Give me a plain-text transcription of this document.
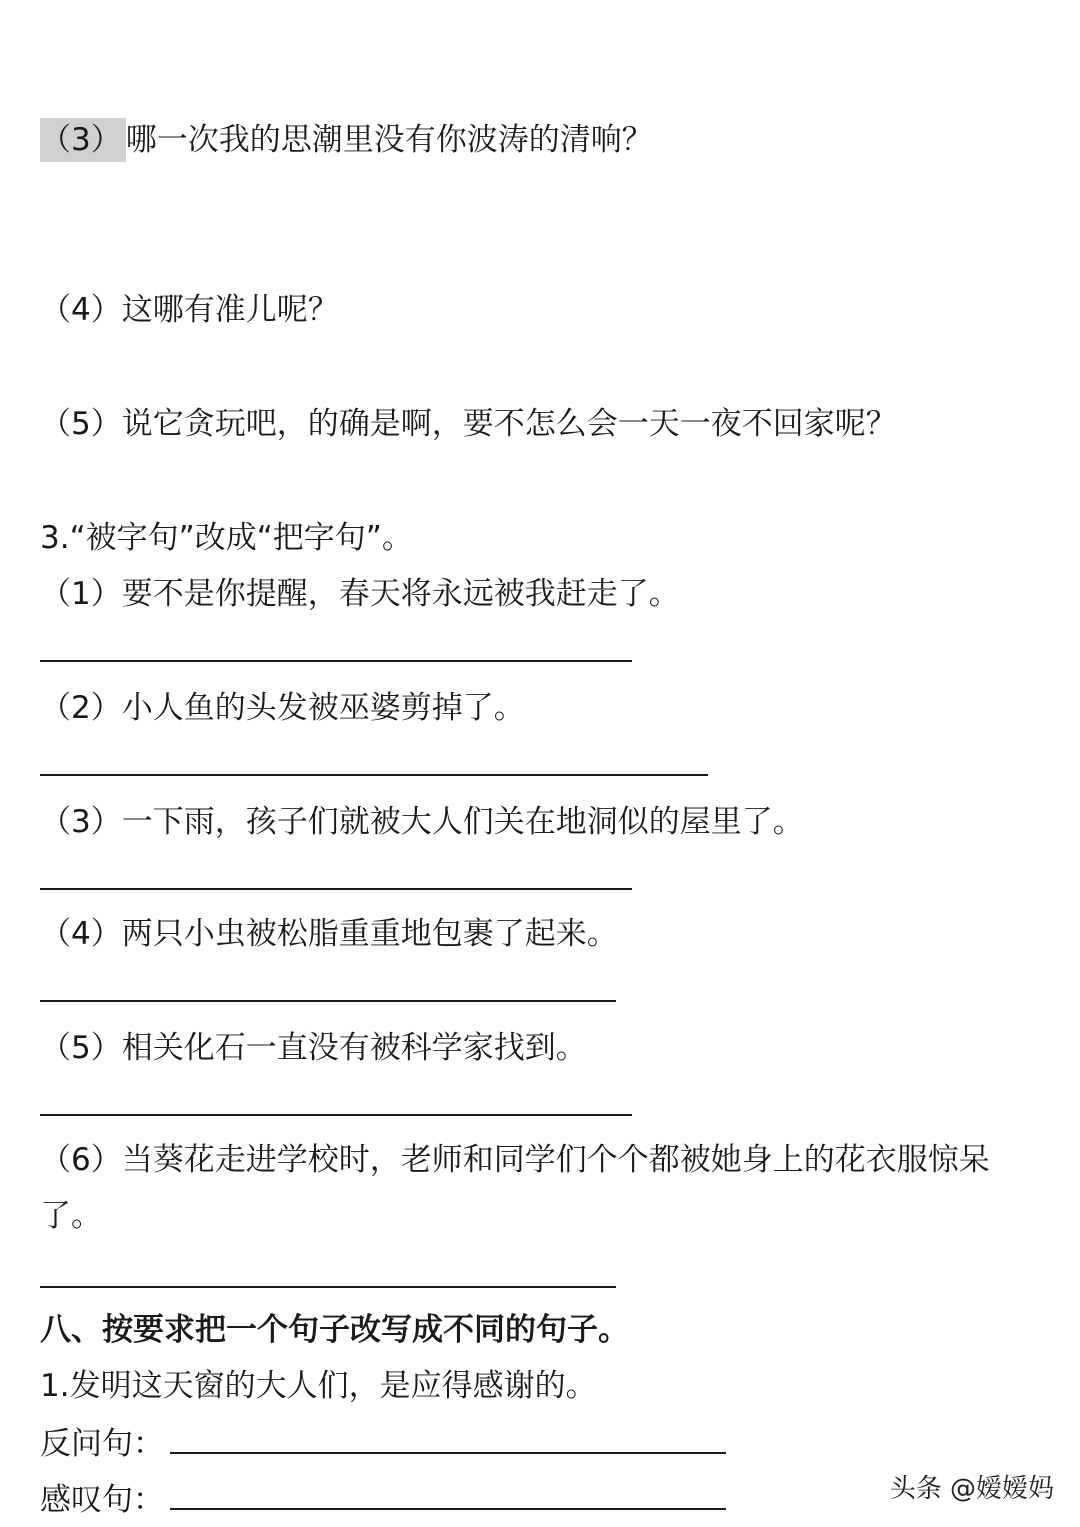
（3） 哪一次我的思潮里没有你波涛的清响？
（4）这哪有准儿呢？
（5）说它贪玩吧，的确是啊，要不怎么会一天一夜不回家呢？
3.“被字句”改成“把字句”。
（1）要不是你提醒，春天将永远被我赶走了。
（2）小人鱼的头发被巫婆剪掉了。
（3）一下雨，孩子们就被大人们关在地洞似的屋里了。
（4）两只小虫被松脂重重地包裹了起来。
（5）相关化石一直没有被科学家找到。
（6）当葵花走进学校时，老师和同学们个个都被她身上的花衣服惊呆
了。
八、按要求把一个句子改写成不同的句子。
1.发明这天窗的大人们，是应得感谢的。
反问句：
感叹句：	头条 @嫒嫒妈
